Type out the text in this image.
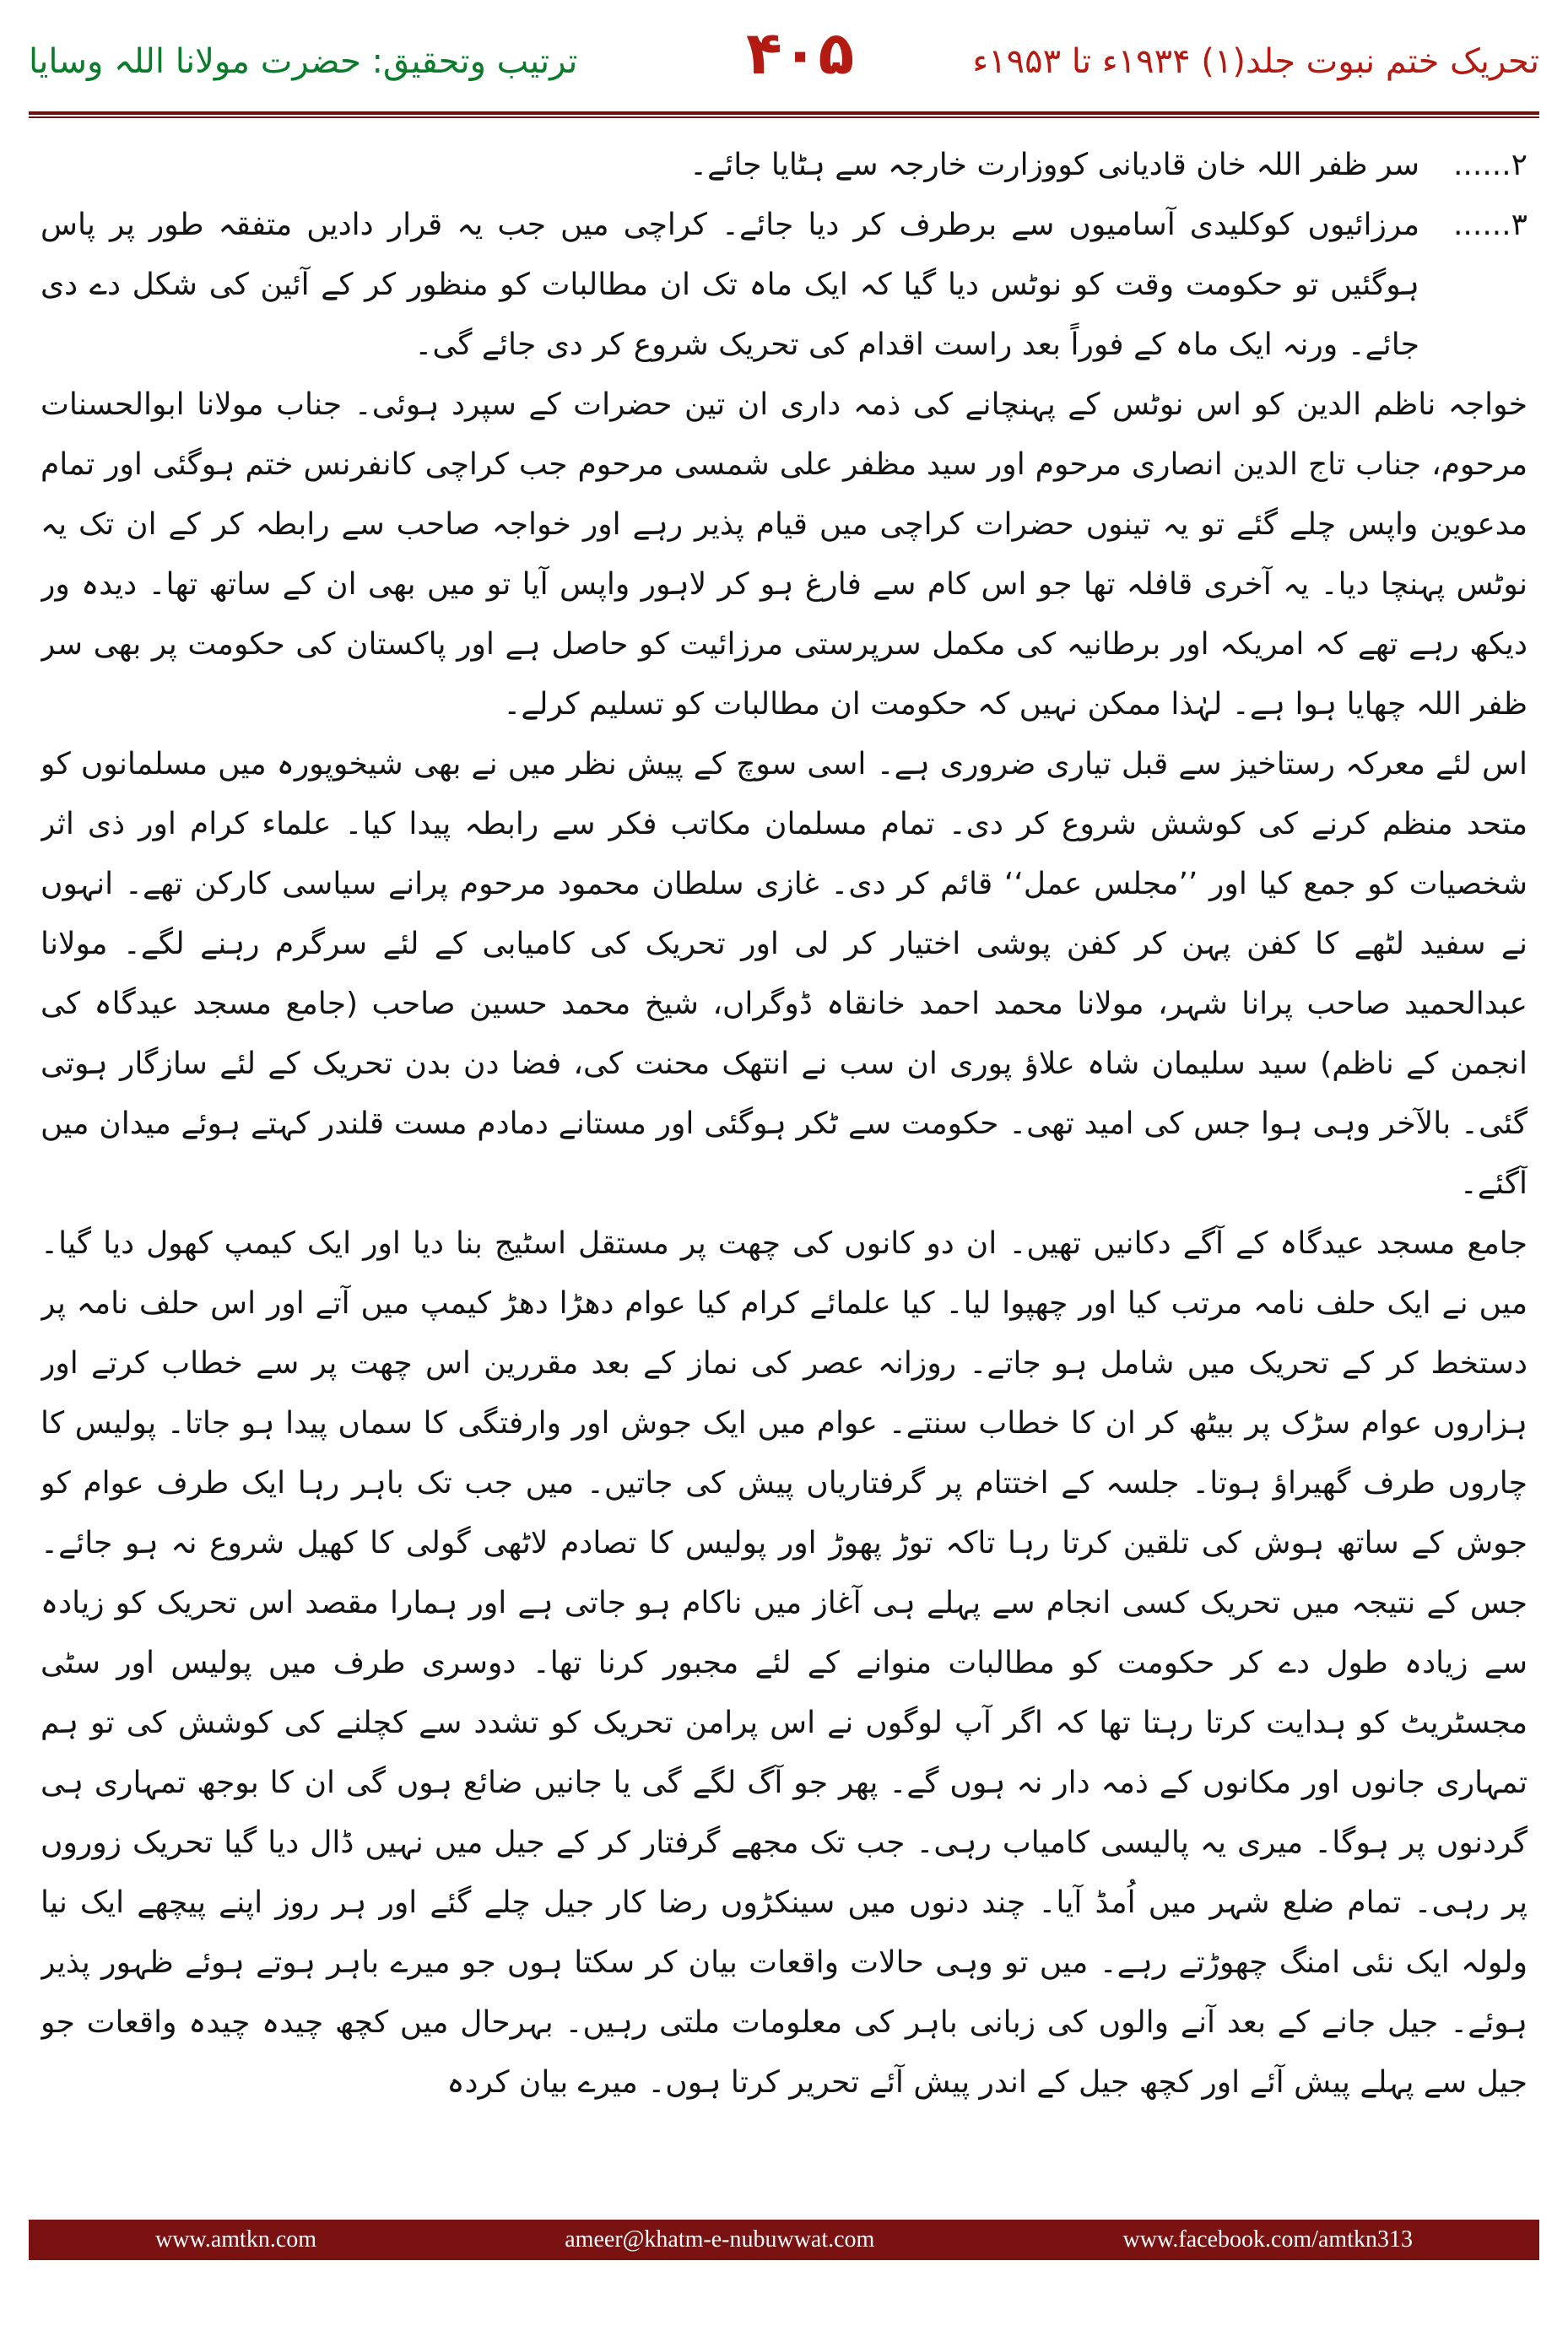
ترتیب وتحقیق: حضرت مولانا اللہ وسایا	۴۰۵	تحریک ختم نبوت جلد(۱) ۱۹۳۴ء تا ۱۹۵۳ء
۲......
سر ظفر اللہ خان قادیانی کووزارت خارجہ سے ہٹایا جائے۔
۳......
مرزائیوں کوکلیدی آسامیوں سے برطرف کر دیا جائے۔ کراچی میں جب یہ قرار دادیں متفقہ طور پر پاس ہوگئیں تو حکومت وقت کو نوٹس دیا گیا کہ ایک ماہ تک ان مطالبات کو منظور کر کے آئین کی شکل دے دی جائے۔ ورنہ ایک ماہ کے فوراً بعد راست اقدام کی تحریک شروع کر دی جائے گی۔

خواجہ ناظم الدین کو اس نوٹس کے پہنچانے کی ذمہ داری ان تین حضرات کے سپرد ہوئی۔ جناب مولانا ابوالحسنات مرحوم، جناب تاج الدین انصاری مرحوم اور سید مظفر علی شمسی مرحوم جب کراچی کانفرنس ختم ہوگئی اور تمام مدعوین واپس چلے گئے تو یہ تینوں حضرات کراچی میں قیام پذیر رہے اور خواجہ صاحب سے رابطہ کر کے ان تک یہ نوٹس پہنچا دیا۔ یہ آخری قافلہ تھا جو اس کام سے فارغ ہو کر لاہور واپس آیا تو میں بھی ان کے ساتھ تھا۔ دیدہ ور دیکھ رہے تھے کہ امریکہ اور برطانیہ کی مکمل سرپرستی مرزائیت کو حاصل ہے اور پاکستان کی حکومت پر بھی سر ظفر اللہ چھایا ہوا ہے۔ لہٰذا ممکن نہیں کہ حکومت ان مطالبات کو تسلیم کرلے۔

اس لئے معرکہ رستاخیز سے قبل تیاری ضروری ہے۔ اسی سوچ کے پیش نظر میں نے بھی شیخوپورہ میں مسلمانوں کو متحد منظم کرنے کی کوشش شروع کر دی۔ تمام مسلمان مکاتب فکر سے رابطہ پیدا کیا۔ علماء کرام اور ذی اثر شخصیات کو جمع کیا اور ’’مجلس عمل‘‘ قائم کر دی۔ غازی سلطان محمود مرحوم پرانے سیاسی کارکن تھے۔ انہوں نے سفید لٹھے کا کفن پہن کر کفن پوشی اختیار کر لی اور تحریک کی کامیابی کے لئے سرگرم رہنے لگے۔ مولانا عبدالحمید صاحب پرانا شہر، مولانا محمد احمد خانقاہ ڈوگراں، شیخ محمد حسین صاحب (جامع مسجد عیدگاہ کی انجمن کے ناظم) سید سلیمان شاہ علاؤ پوری ان سب نے انتھک محنت کی، فضا دن بدن تحریک کے لئے سازگار ہوتی گئی۔ بالآخر وہی ہوا جس کی امید تھی۔ حکومت سے ٹکر ہوگئی اور مستانے دمادم مست قلندر کہتے ہوئے میدان میں آگئے۔

جامع مسجد عیدگاہ کے آگے دکانیں تھیں۔ ان دو کانوں کی چھت پر مستقل اسٹیج بنا دیا اور ایک کیمپ کھول دیا گیا۔ میں نے ایک حلف نامہ مرتب کیا اور چھپوا لیا۔ کیا علمائے کرام کیا عوام دھڑا دھڑ کیمپ میں آتے اور اس حلف نامہ پر دستخط کر کے تحریک میں شامل ہو جاتے۔ روزانہ عصر کی نماز کے بعد مقررین اس چھت پر سے خطاب کرتے اور ہزاروں عوام سڑک پر بیٹھ کر ان کا خطاب سنتے۔ عوام میں ایک جوش اور وارفتگی کا سماں پیدا ہو جاتا۔ پولیس کا چاروں طرف گھیراؤ ہوتا۔ جلسہ کے اختتام پر گرفتاریاں پیش کی جاتیں۔ میں جب تک باہر رہا ایک طرف عوام کو جوش کے ساتھ ہوش کی تلقین کرتا رہا تاکہ توڑ پھوڑ اور پولیس کا تصادم لاٹھی گولی کا کھیل شروع نہ ہو جائے۔ جس کے نتیجہ میں تحریک کسی انجام سے پہلے ہی آغاز میں ناکام ہو جاتی ہے اور ہمارا مقصد اس تحریک کو زیادہ سے زیادہ طول دے کر حکومت کو مطالبات منوانے کے لئے مجبور کرنا تھا۔ دوسری طرف میں پولیس اور سٹی مجسٹریٹ کو ہدایت کرتا رہتا تھا کہ اگر آپ لوگوں نے اس پرامن تحریک کو تشدد سے کچلنے کی کوشش کی تو ہم تمہاری جانوں اور مکانوں کے ذمہ دار نہ ہوں گے۔ پھر جو آگ لگے گی یا جانیں ضائع ہوں گی ان کا بوجھ تمہاری ہی گردنوں پر ہوگا۔ میری یہ پالیسی کامیاب رہی۔ جب تک مجھے گرفتار کر کے جیل میں نہیں ڈال دیا گیا تحریک زوروں پر رہی۔ تمام ضلع شہر میں اُمڈ آیا۔ چند دنوں میں سینکڑوں رضا کار جیل چلے گئے اور ہر روز اپنے پیچھے ایک نیا ولولہ ایک نئی امنگ چھوڑتے رہے۔ میں تو وہی حالات واقعات بیان کر سکتا ہوں جو میرے باہر ہوتے ہوئے ظہور پذیر ہوئے۔ جیل جانے کے بعد آنے والوں کی زبانی باہر کی معلومات ملتی رہیں۔ بہرحال میں کچھ چیدہ چیدہ واقعات جو جیل سے پہلے پیش آئے اور کچھ جیل کے اندر پیش آئے تحریر کرتا ہوں۔ میرے بیان کردہ

www.amtkn.com	ameer@khatm-e-nubuwwat.com	www.facebook.com/amtkn313
